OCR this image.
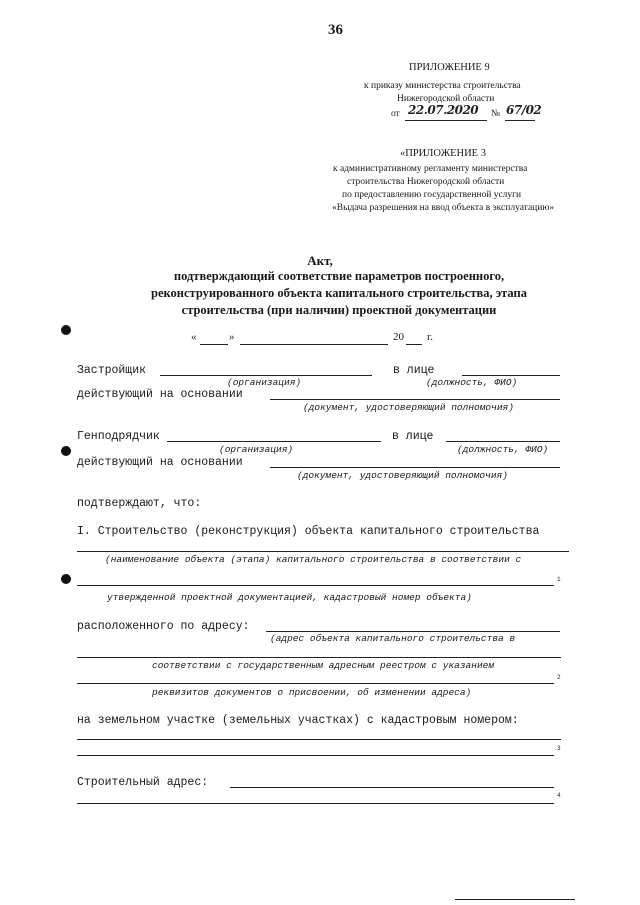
36
ПРИЛОЖЕНИЕ 9
к приказу министерства строительства
Нижегородской области
от 22.07.2020 № 67/02
«ПРИЛОЖЕНИЕ 3
к административному регламенту министерства
строительства Нижегородской области
по предоставлению государственной услуги
«Выдача разрешения на ввод объекта в эксплуатацию»
Акт,
подтверждающий соответствие параметров построенного,
реконструированного объекта капитального строительства, этапа
строительства (при наличии) проектной документации
«	»	20 г.
Застройщик	в лице
(организация)	(должность, ФИО)
действующий на основании
(документ, удостоверяющий полномочия)
Генподрядчик	в лице
(организация)	(должность, ФИО)
действующий на основании
(документ, удостоверяющий полномочия)
подтверждают, что:
I. Строительство (реконструкция) объекта капитального строительства
(наименование объекта (этапа) капитального строительства в соответствии с
1
утвержденной проектной документацией, кадастровый номер объекта)
расположенного по адресу:
(адрес объекта капитального строительства в
соответствии с государственным адресным реестром с указанием
2
реквизитов документов о присвоении, об изменении адреса)
на земельном участке (земельных участках) с кадастровым номером:
3
Строительный адрес:
4
